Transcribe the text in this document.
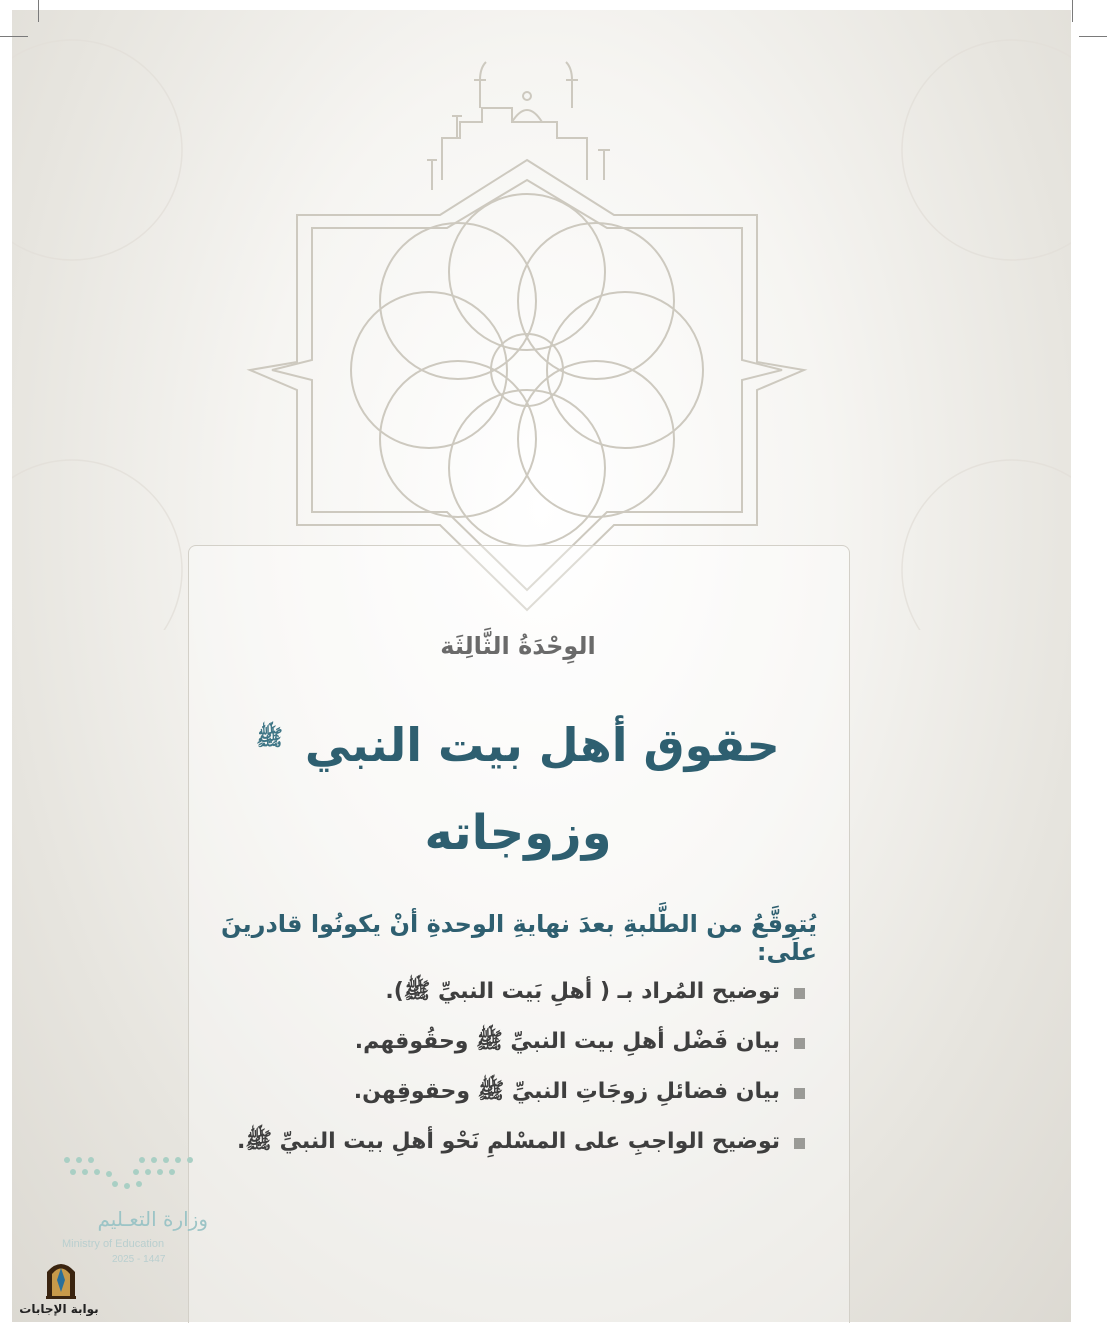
الوِحْدَةُ الثَّالِثَة
حقوق أهل بيت النبي $^ﷺ$
وزوجاته
يُتوقَّعُ من الطَّلبةِ بعدَ نهايةِ الوحدةِ أنْ يكونُوا قادرينَ علَى:
توضيح المُراد بـ ( أهلِ بَيت النبيِّ ﷺ).
بيان فَضْل أهلِ بيت النبيِّ ﷺ وحقُوقهم.
بيان فضائلِ زوجَاتِ النبيِّ ﷺ وحقوقِهن.
توضيح الواجبِ على المسْلمِ نَحْو أهلِ بيت النبيِّ ﷺ.
وزارة التعـليم
Ministry of Education
2025 - 1447
بوابة الإجابات
